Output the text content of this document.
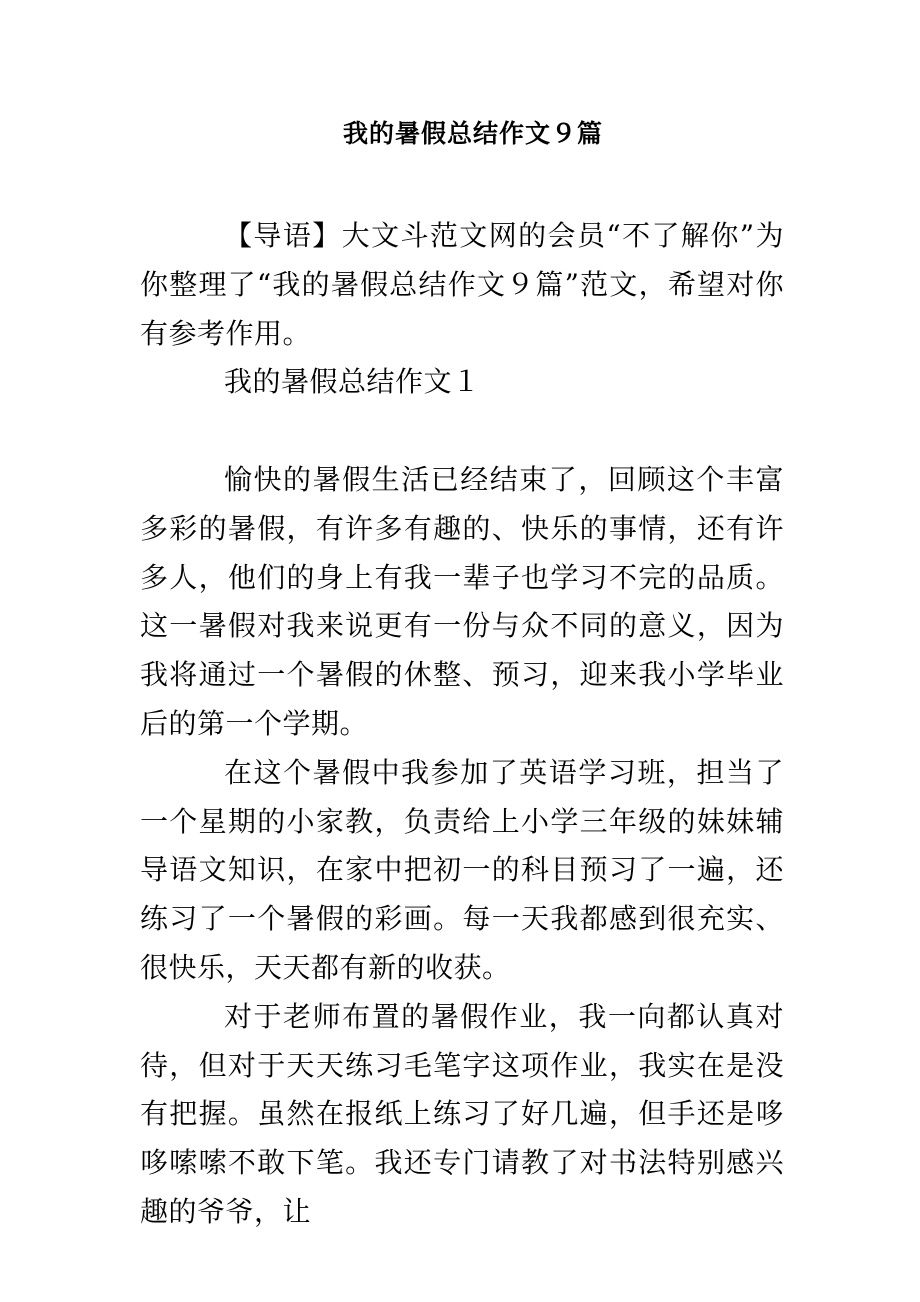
我的暑假总结作文９篇

【导语】大文斗范文网的会员“不了解你”为你整理了“我的暑假总结作文９篇”范文，希望对你有参考作用。

我的暑假总结作文１

愉快的暑假生活已经结束了，回顾这个丰富多彩的暑假，有许多有趣的、快乐的事情，还有许多人，他们的身上有我一辈子也学习不完的品质。这一暑假对我来说更有一份与众不同的意义，因为我将通过一个暑假的休整、预习，迎来我小学毕业后的第一个学期。

在这个暑假中我参加了英语学习班，担当了一个星期的小家教，负责给上小学三年级的妹妹辅导语文知识，在家中把初一的科目预习了一遍，还练习了一个暑假的彩画。每一天我都感到很充实、很快乐，天天都有新的收获。

对于老师布置的暑假作业，我一向都认真对待，但对于天天练习毛笔字这项作业，我实在是没有把握。虽然在报纸上练习了好几遍，但手还是哆哆嗦嗦不敢下笔。我还专门请教了对书法特别感兴趣的爷爷，让
